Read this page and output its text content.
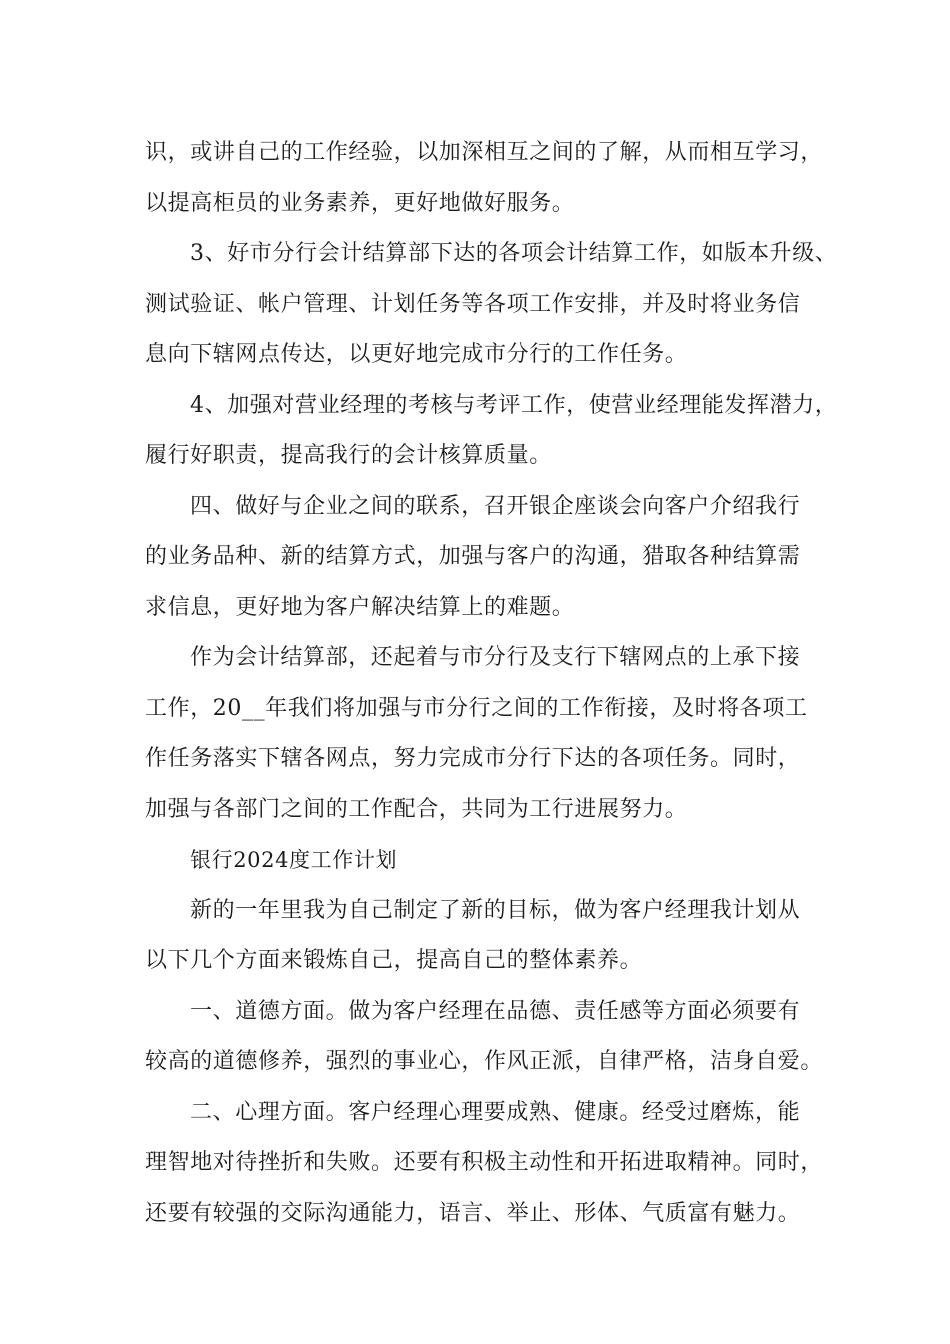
识，或讲自己的工作经验，以加深相互之间的了解，从而相互学习，
以提高柜员的业务素养，更好地做好服务。
3、好市分行会计结算部下达的各项会计结算工作，如版本升级、
测试验证、帐户管理、计划任务等各项工作安排，并及时将业务信
息向下辖网点传达，以更好地完成市分行的工作任务。
4、加强对营业经理的考核与考评工作，使营业经理能发挥潜力，
履行好职责，提高我行的会计核算质量。
四、做好与企业之间的联系，召开银企座谈会向客户介绍我行
的业务品种、新的结算方式，加强与客户的沟通，猎取各种结算需
求信息，更好地为客户解决结算上的难题。
作为会计结算部，还起着与市分行及支行下辖网点的上承下接
工作，20__年我们将加强与市分行之间的工作衔接，及时将各项工
作任务落实下辖各网点，努力完成市分行下达的各项任务。同时，
加强与各部门之间的工作配合，共同为工行进展努力。
银行2024度工作计划
新的一年里我为自己制定了新的目标，做为客户经理我计划从
以下几个方面来锻炼自己，提高自己的整体素养。
一、道德方面。做为客户经理在品德、责任感等方面必须要有
较高的道德修养，强烈的事业心，作风正派，自律严格，洁身自爱。
二、心理方面。客户经理心理要成熟、健康。经受过磨炼，能
理智地对待挫折和失败。还要有积极主动性和开拓进取精神。同时，
还要有较强的交际沟通能力，语言、举止、形体、气质富有魅力。
